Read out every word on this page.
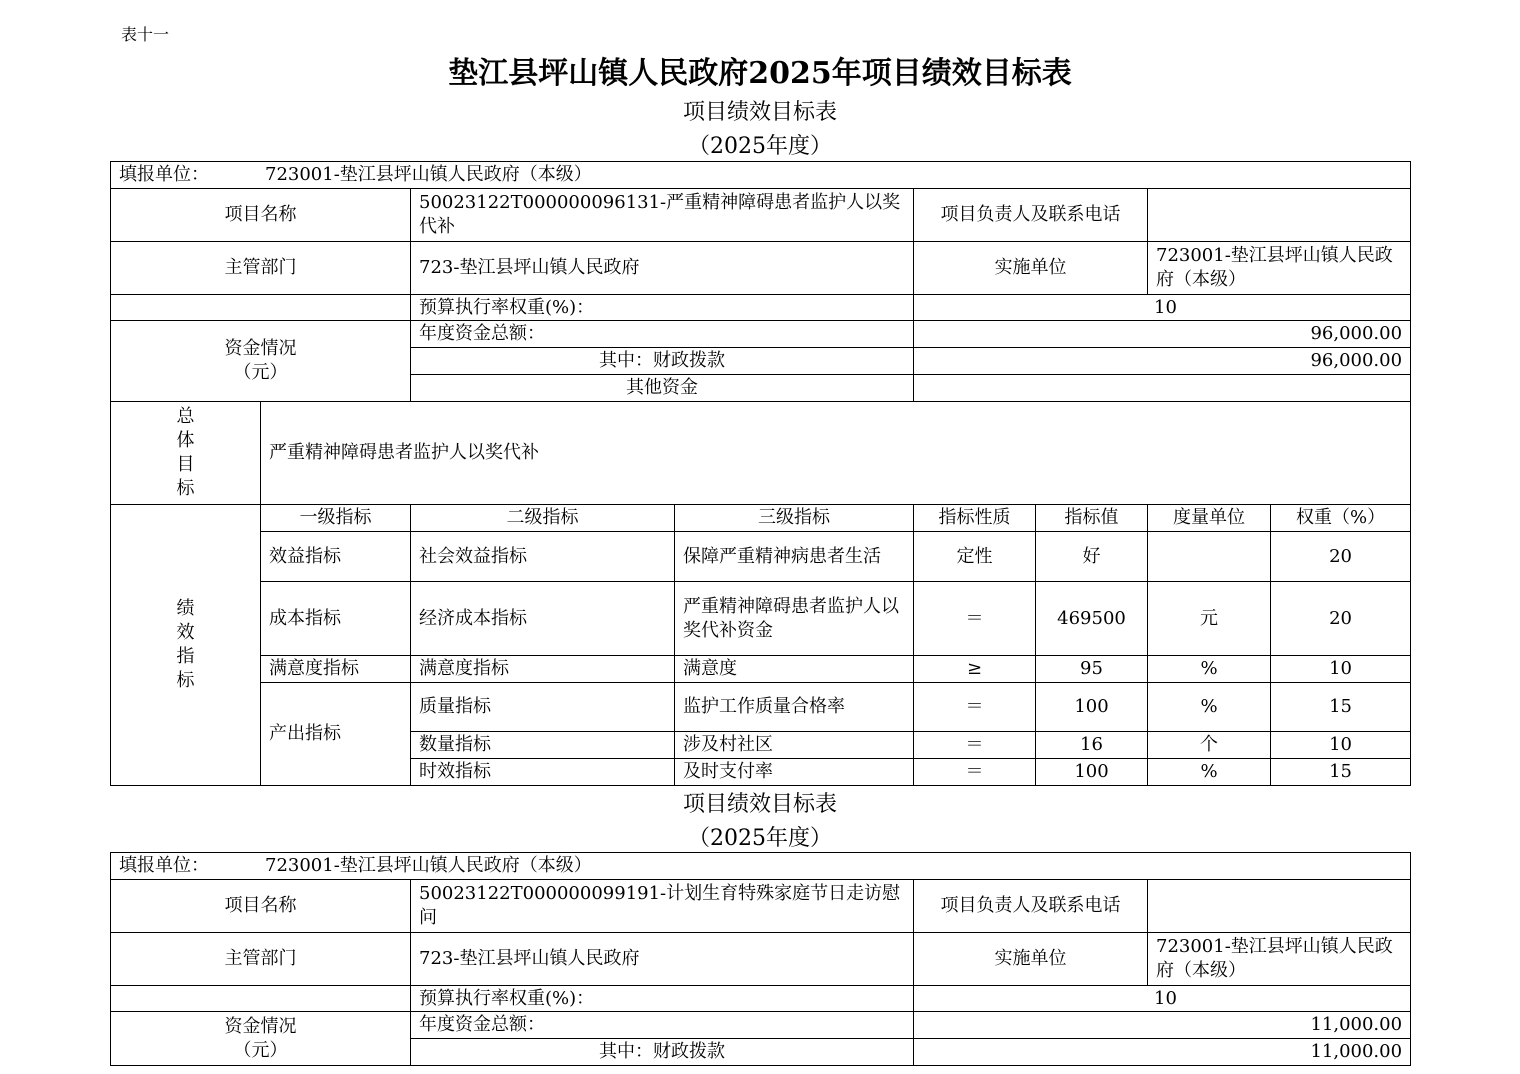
表十一
垫江县坪山镇人民政府2025年项目绩效目标表
项目绩效目标表
（2025年度）
填报单位： 723001-垫江县坪山镇人民政府（本级）							
项目名称		50023122T000000096131-严重精神障碍患者监护人以奖代补		项目负责人及联系电话			
主管部门		723-垫江县坪山镇人民政府		实施单位		723001-垫江县坪山镇人民政府（本级）	
		预算执行率权重(%)：		10			

资金情况
（元）		年度资金总额：		96,000.00			
		其中：财政拨款		96,000.00			
		其他资金					

总
体
目
标	严重精神障碍患者监护人以奖代补						

绩
效
指
标	一级指标	二级指标	三级指标	指标性质	指标值	度量单位	权重（%）
	效益指标	社会效益指标	保障严重精神病患者生活	定性	好		20
	成本指标	经济成本指标	严重精神障碍患者监护人以奖代补资金	＝	469500	元	20
	满意度指标	满意度指标	满意度	≥	95	%	10
	产出指标	质量指标	监护工作质量合格率	＝	100	%	15
		数量指标	涉及村社区	＝	16	个	10
		时效指标	及时支付率	＝	100	%	15
项目绩效目标表
（2025年度）
填报单位： 723001-垫江县坪山镇人民政府（本级）			
项目名称	50023122T000000099191-计划生育特殊家庭节日走访慰问	项目负责人及联系电话	
主管部门	723-垫江县坪山镇人民政府	实施单位	723001-垫江县坪山镇人民政府（本级）
	预算执行率权重(%)：	10	

资金情况
（元）	年度资金总额：	11,000.00	
	其中：财政拨款	11,000.00	
